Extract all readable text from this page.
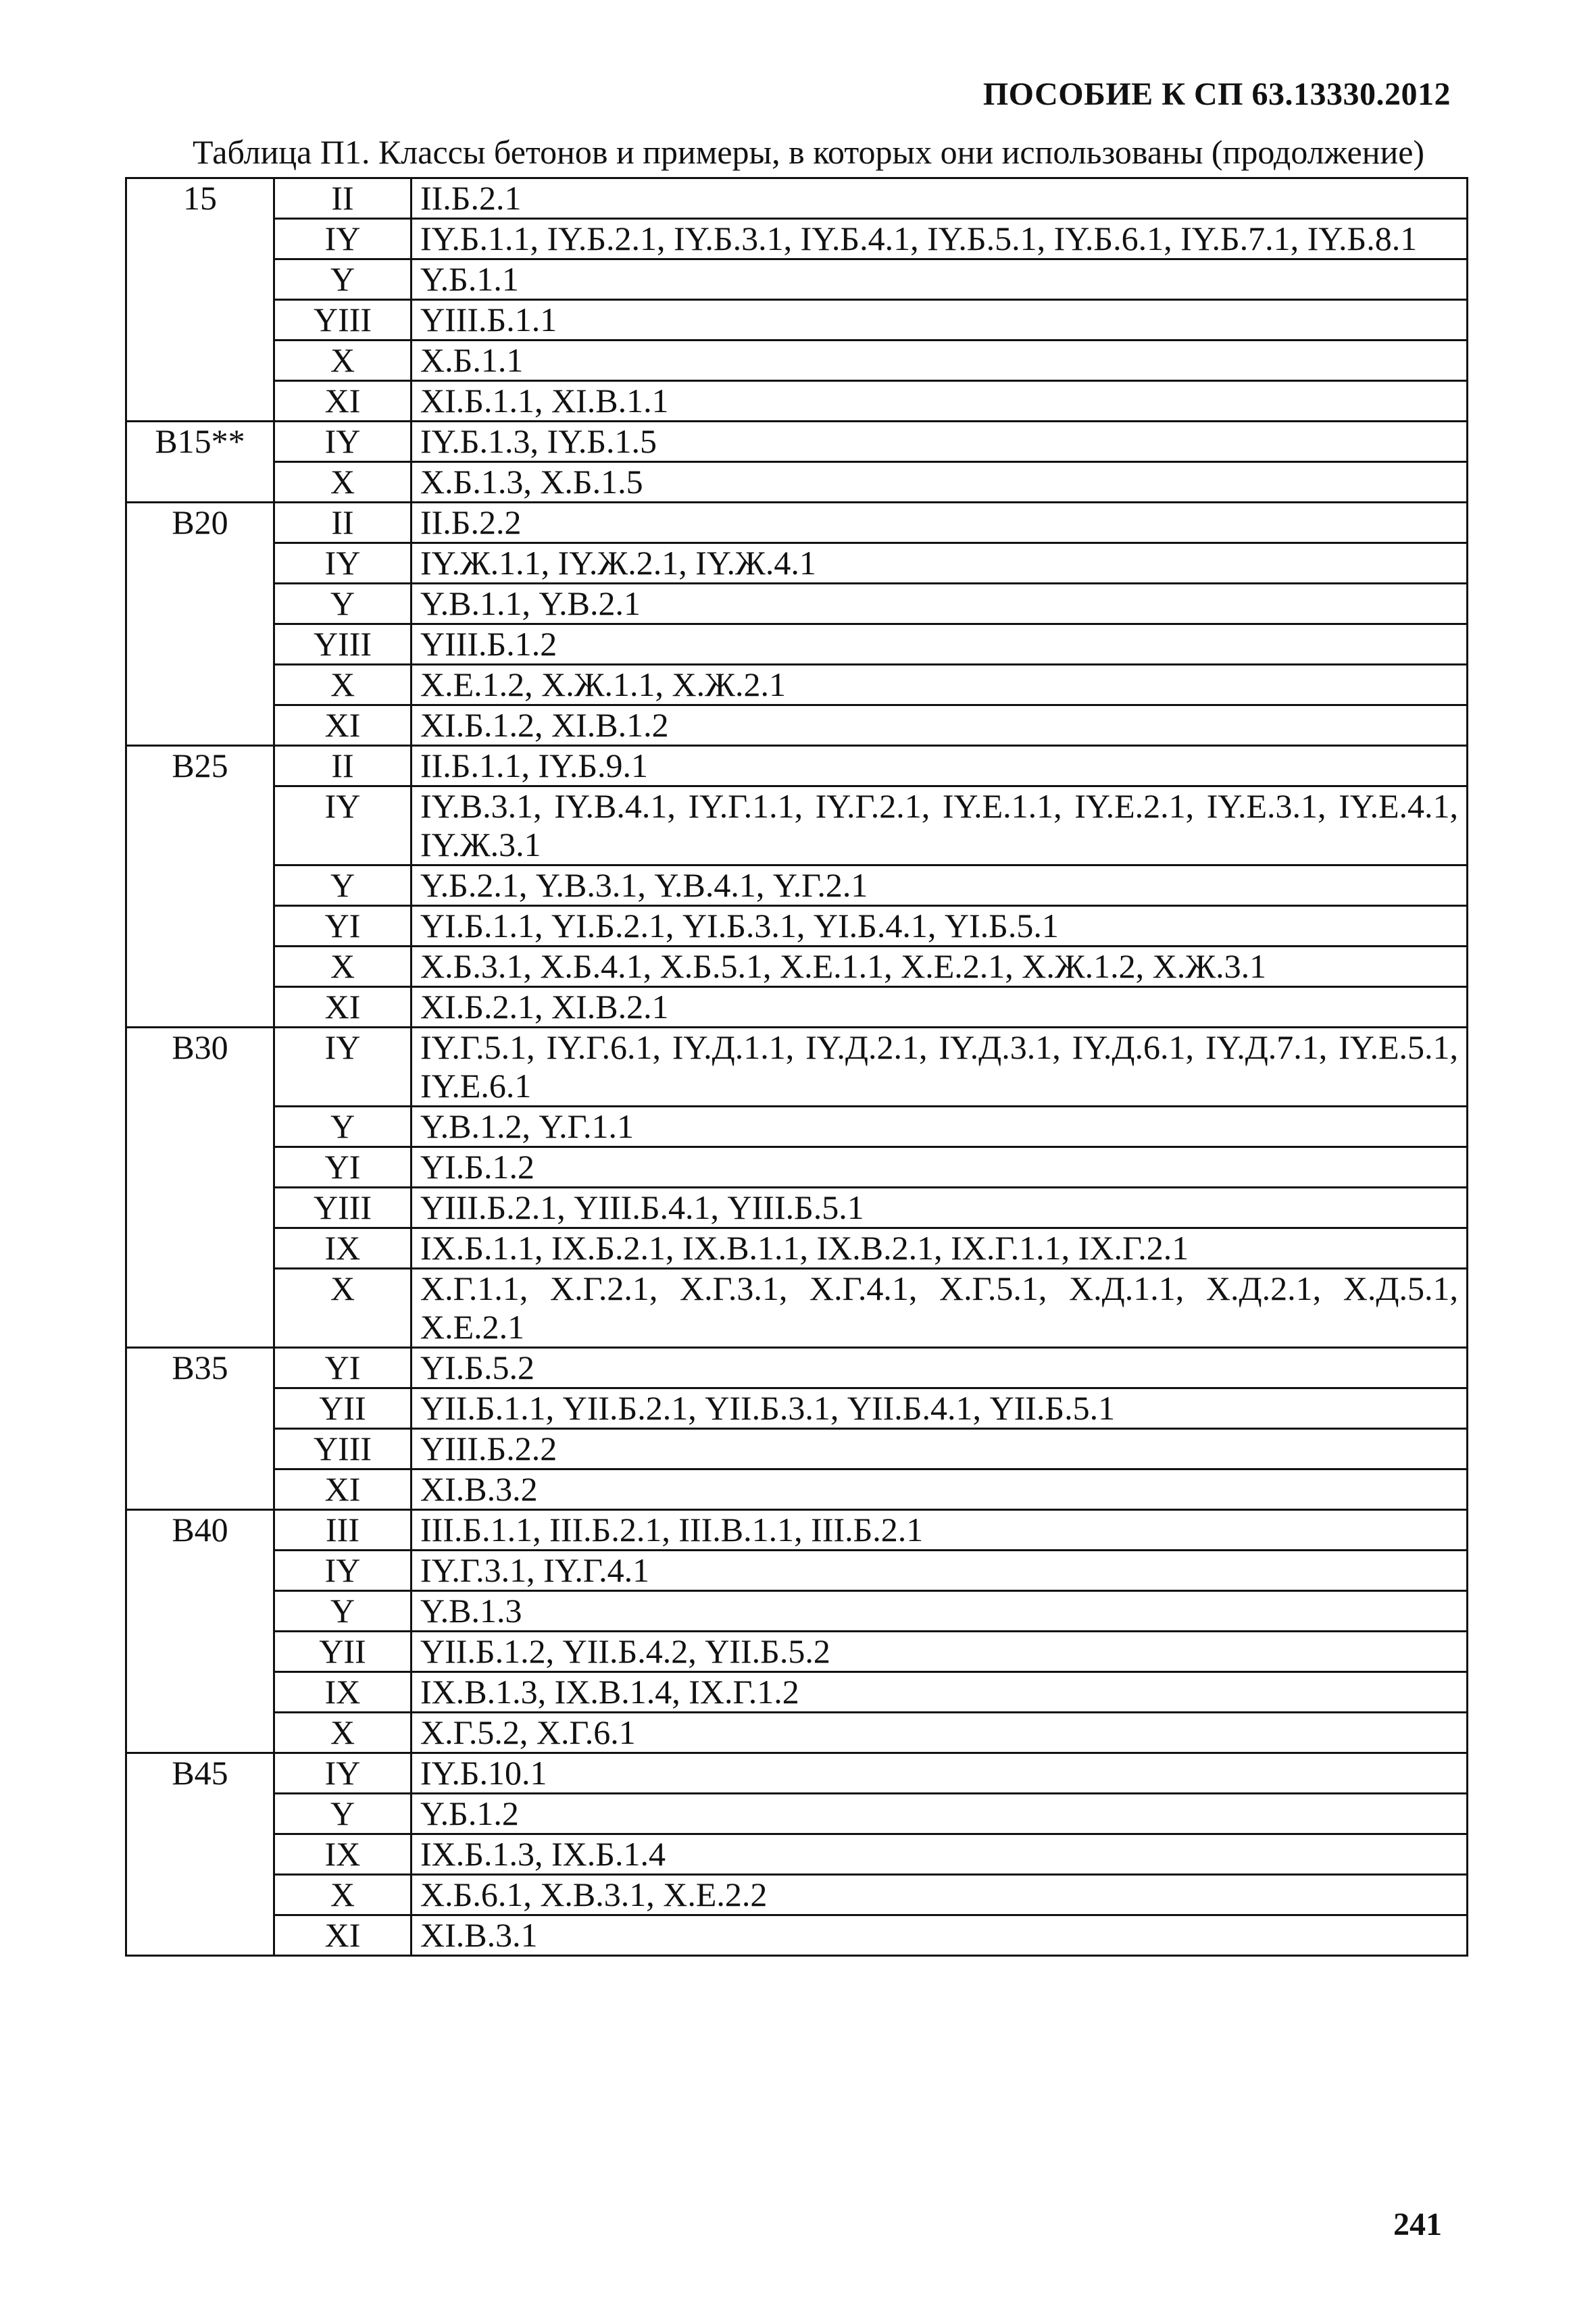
ПОСОБИЕ К СП 63.13330.2012
Таблица П1. Классы бетонов и примеры, в которых они использованы (продолжение)
15	II	II.Б.2.1
	IY	IY.Б.1.1, IY.Б.2.1, IY.Б.3.1, IY.Б.4.1, IY.Б.5.1, IY.Б.6.1, IY.Б.7.1, IY.Б.8.1
	Y	Y.Б.1.1
	YIII	YIII.Б.1.1
	X	X.Б.1.1
	XI	XI.Б.1.1, XI.В.1.1
B15**	IY	IY.Б.1.3, IY.Б.1.5
	X	X.Б.1.3, X.Б.1.5
B20	II	II.Б.2.2
	IY	IY.Ж.1.1, IY.Ж.2.1, IY.Ж.4.1
	Y	Y.В.1.1, Y.В.2.1
	YIII	YIII.Б.1.2
	X	X.Е.1.2, X.Ж.1.1, X.Ж.2.1
	XI	XI.Б.1.2, XI.В.1.2
B25	II	II.Б.1.1, IY.Б.9.1
	IY	IY.В.3.1, IY.В.4.1, IY.Г.1.1, IY.Г.2.1, IY.Е.1.1, IY.Е.2.1, IY.Е.3.1, IY.Е.4.1, IY.Ж.3.1
	Y	Y.Б.2.1, Y.В.3.1, Y.В.4.1, Y.Г.2.1
	YI	YI.Б.1.1, YI.Б.2.1, YI.Б.3.1, YI.Б.4.1, YI.Б.5.1
	X	X.Б.3.1, X.Б.4.1, X.Б.5.1, X.Е.1.1, X.Е.2.1, X.Ж.1.2, X.Ж.3.1
	XI	XI.Б.2.1, XI.В.2.1
B30	IY	IY.Г.5.1, IY.Г.6.1, IY.Д.1.1, IY.Д.2.1, IY.Д.3.1, IY.Д.6.1, IY.Д.7.1, IY.Е.5.1, IY.Е.6.1
	Y	Y.В.1.2, Y.Г.1.1
	YI	YI.Б.1.2
	YIII	YIII.Б.2.1, YIII.Б.4.1, YIII.Б.5.1
	IX	IX.Б.1.1, IX.Б.2.1, IX.В.1.1, IX.В.2.1, IX.Г.1.1, IX.Г.2.1
	X	X.Г.1.1, X.Г.2.1, X.Г.3.1, X.Г.4.1, X.Г.5.1, X.Д.1.1, X.Д.2.1, X.Д.5.1, X.Е.2.1
B35	YI	YI.Б.5.2
	YII	YII.Б.1.1, YII.Б.2.1, YII.Б.3.1, YII.Б.4.1, YII.Б.5.1
	YIII	YIII.Б.2.2
	XI	XI.В.3.2
B40	III	III.Б.1.1, III.Б.2.1, III.В.1.1, III.Б.2.1
	IY	IY.Г.3.1, IY.Г.4.1
	Y	Y.В.1.3
	YII	YII.Б.1.2, YII.Б.4.2, YII.Б.5.2
	IX	IX.В.1.3, IX.В.1.4, IX.Г.1.2
	X	X.Г.5.2, X.Г.6.1
B45	IY	IY.Б.10.1
	Y	Y.Б.1.2
	IX	IX.Б.1.3, IX.Б.1.4
	X	X.Б.6.1, X.В.3.1, X.Е.2.2
	XI	XI.В.3.1
241
